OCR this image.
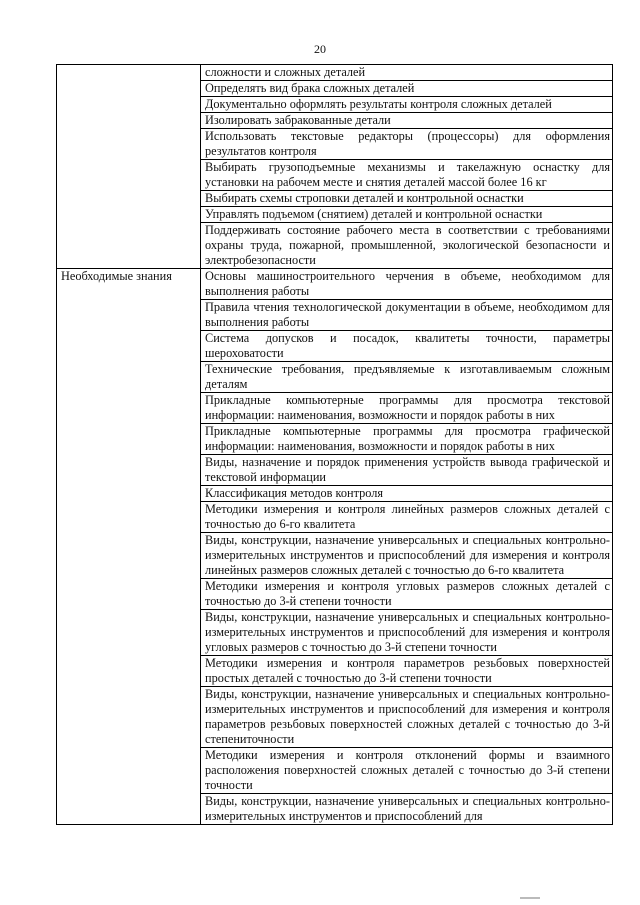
20
	сложности и сложных деталей
	Определять вид брака сложных деталей
	Документально оформлять результаты контроля сложных деталей
	Изолировать забракованные детали
	Использовать текстовые редакторы (процессоры) для оформления результатов контроля
	Выбирать грузоподъемные механизмы и такелажную оснастку для установки на рабочем месте и снятия деталей массой более 16 кг
	Выбирать схемы строповки деталей и контрольной оснастки
	Управлять подъемом (снятием) деталей и контрольной оснастки
	Поддерживать состояние рабочего места в соответствии с требованиями охраны труда, пожарной, промышленной, экологической безопасности и электробезопасности
Необходимые знания	Основы машиностроительного черчения в объеме, необходимом для выполнения работы
	Правила чтения технологической документации в объеме, необходимом для выполнения работы
	Система допусков и посадок, квалитеты точности, параметры шероховатости
	Технические требования, предъявляемые к изготавливаемым сложным деталям
	Прикладные компьютерные программы для просмотра текстовой информации: наименования, возможности и порядок работы в них
	Прикладные компьютерные программы для просмотра графической информации: наименования, возможности и порядок работы в них
	Виды, назначение и порядок применения устройств вывода графической и текстовой информации
	Классификация методов контроля
	Методики измерения и контроля линейных размеров сложных деталей с точностью до 6-го квалитета
	Виды, конструкции, назначение универсальных и специальных контрольно-измерительных инструментов и приспособлений для измерения и контроля линейных размеров сложных деталей с точностью до 6-го квалитета
	Методики измерения и контроля угловых размеров сложных деталей с точностью до 3-й степени точности
	Виды, конструкции, назначение универсальных и специальных контрольно-измерительных инструментов и приспособлений для измерения и контроля угловых размеров с точностью до 3-й степени точности
	Методики измерения и контроля параметров резьбовых поверхностей простых деталей с точностью до 3-й степени точности
	Виды, конструкции, назначение универсальных и специальных контрольно-измерительных инструментов и приспособлений для измерения и контроля параметров резьбовых поверхностей сложных деталей с точностью до 3-й степениточности
	Методики измерения и контроля отклонений формы и взаимного расположения поверхностей сложных деталей с точностью до 3-й степени точности
	Виды, конструкции, назначение универсальных и специальных контрольно-измерительных инструментов и приспособлений для
